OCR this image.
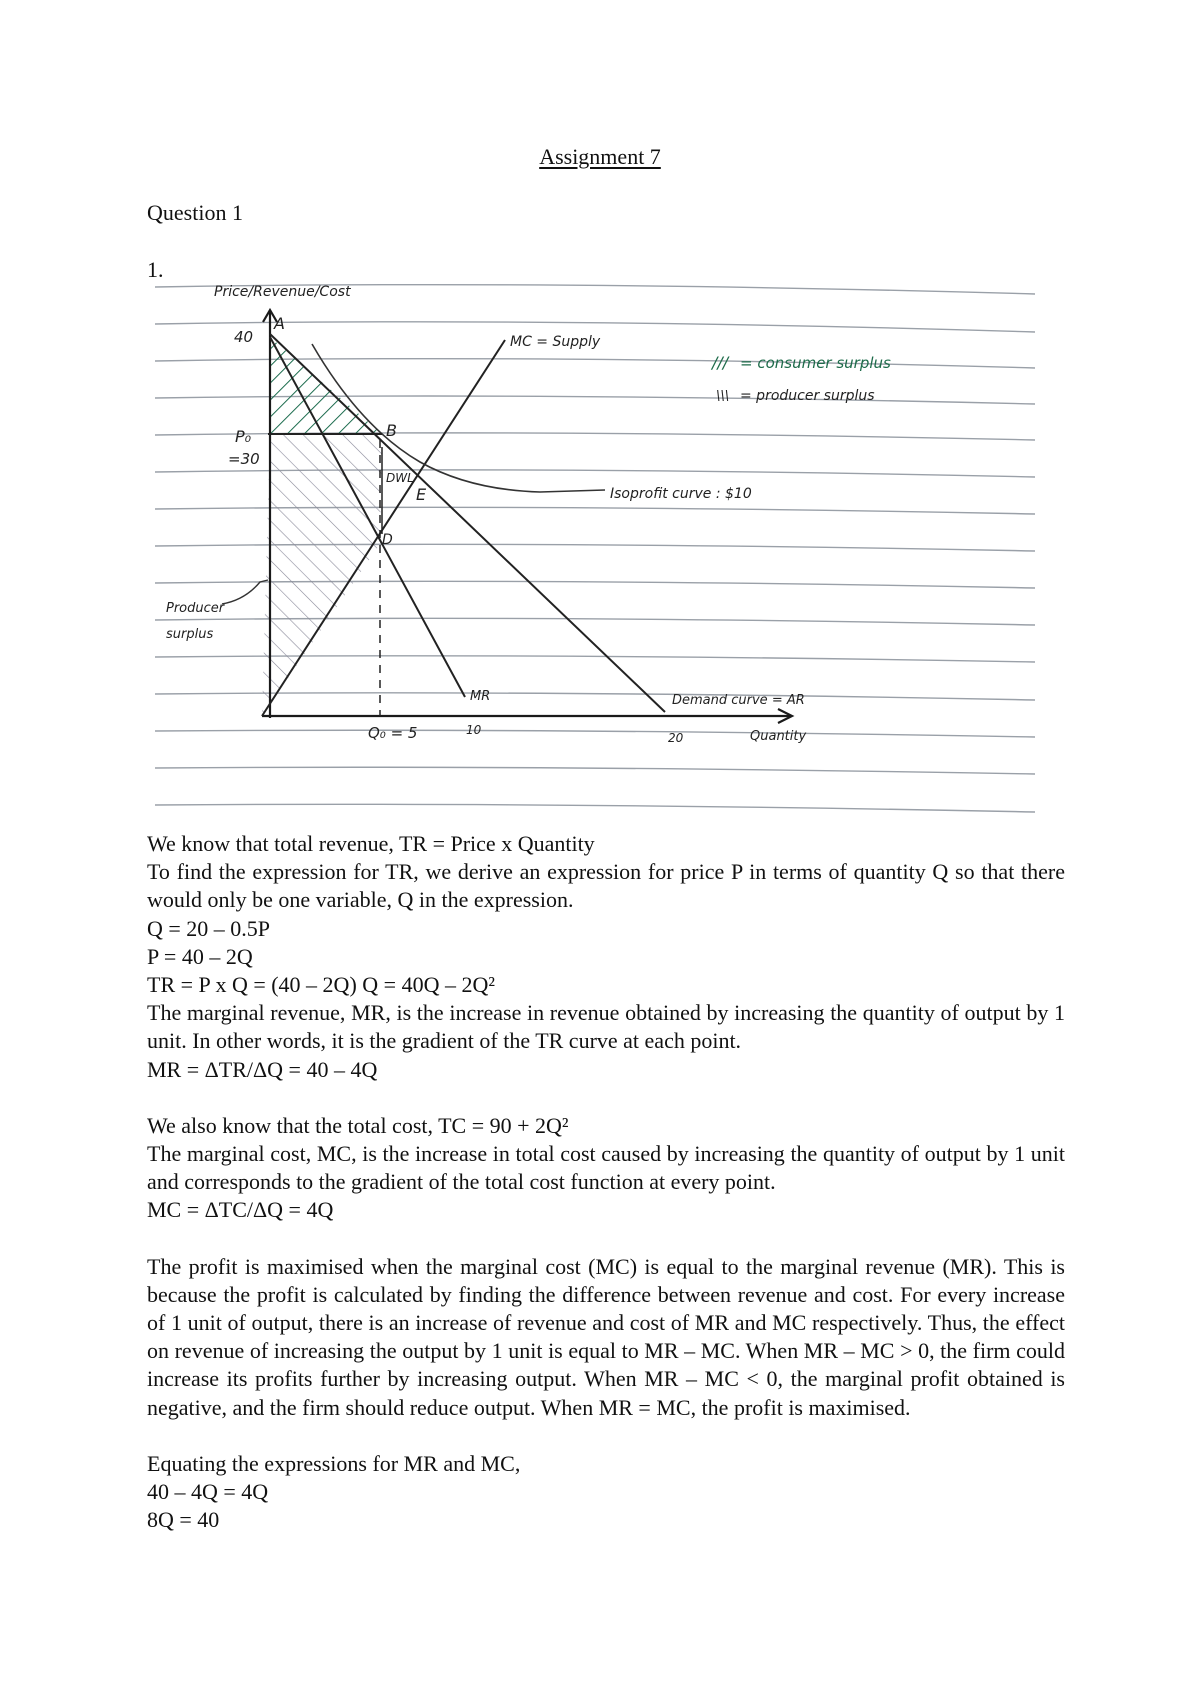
Assignment 7
Question 1
1.
Price/Revenue/Cost
40
A
P₀
=30
B
E
D
DWL
MC = Supply
Isoprofit curve : $10
MR	Demand curve = AR
Q₀ = 5	10
20	Quantity
/// = consumer surplus
\\\ = producer surplus
Producer
surplus

We know that total revenue, TR = Price x Quantity

To find the expression for TR, we derive an expression for price P in terms of quantity Q so that there would only be one variable, Q in the expression.

Q = 20 – 0.5P

P = 40 – 2Q

TR = P x Q = (40 – 2Q) Q = 40Q – 2Q²

The marginal revenue, MR, is the increase in revenue obtained by increasing the quantity of output by 1 unit. In other words, it is the gradient of the TR curve at each point.

MR = ΔTR/ΔQ = 40 – 4Q

We also know that the total cost, TC = 90 + 2Q²

The marginal cost, MC, is the increase in total cost caused by increasing the quantity of output by 1 unit and corresponds to the gradient of the total cost function at every point.

MC = ΔTC/ΔQ = 4Q

The profit is maximised when the marginal cost (MC) is equal to the marginal revenue (MR). This is because the profit is calculated by finding the difference between revenue and cost. For every increase of 1 unit of output, there is an increase of revenue and cost of MR and MC respectively. Thus, the effect on revenue of increasing the output by 1 unit is equal to MR – MC. When MR – MC > 0, the firm could increase its profits further by increasing output. When MR – MC < 0, the marginal profit obtained is negative, and the firm should reduce output. When MR = MC, the profit is maximised.

Equating the expressions for MR and MC,

40 – 4Q = 4Q

8Q = 40
